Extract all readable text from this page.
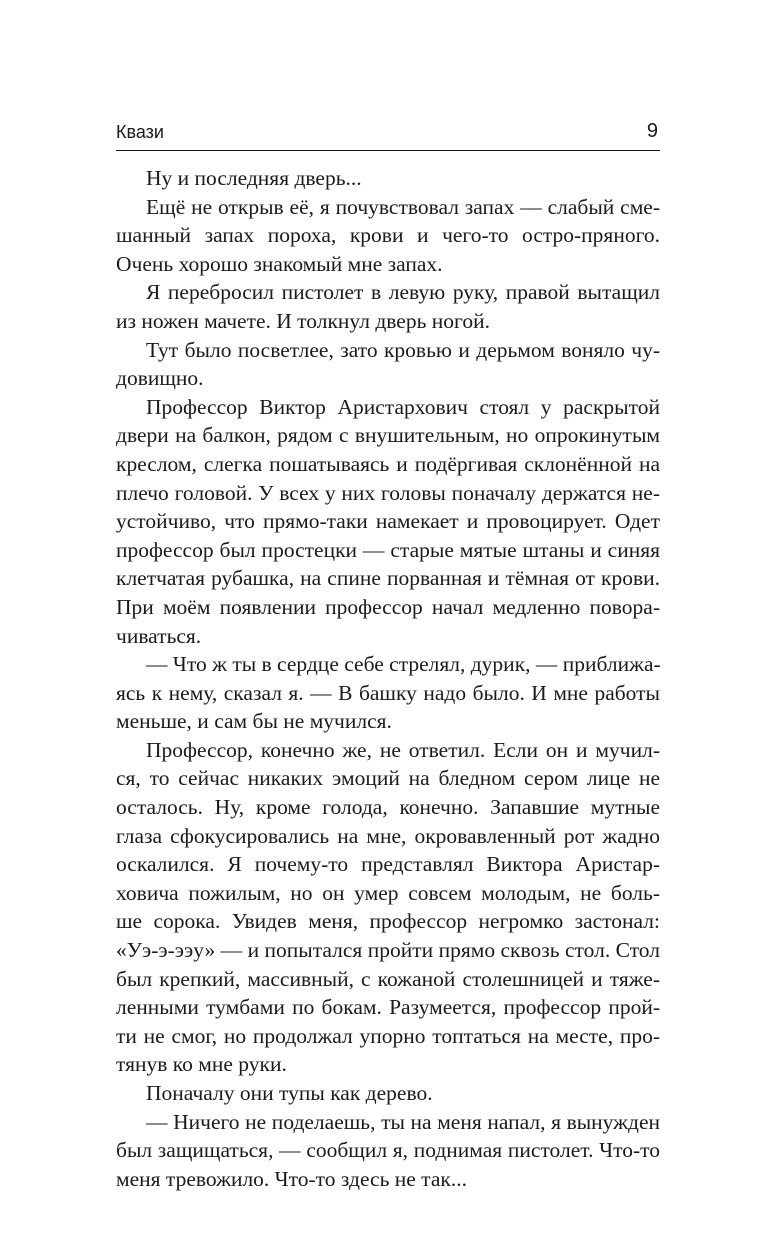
Квази	9
Ну и последняя дверь...
Ещё не открыв её, я почувствовал запах — слабый сме-
шанный запах пороха, крови и чего-то остро-пряного.
Очень хорошо знакомый мне запах.
Я перебросил пистолет в левую руку, правой вытащил
из ножен мачете. И толкнул дверь ногой.
Тут было посветлее, зато кровью и дерьмом воняло чу-
довищно.
Профессор Виктор Аристархович стоял у раскрытой
двери на балкон, рядом с внушительным, но опрокинутым
креслом, слегка пошатываясь и подёргивая склонённой на
плечо головой. У всех у них головы поначалу держатся не-
устойчиво, что прямо-таки намекает и провоцирует. Одет
профессор был простецки — старые мятые штаны и синяя
клетчатая рубашка, на спине порванная и тёмная от крови.
При моём появлении профессор начал медленно повора-
чиваться.
— Что ж ты в сердце себе стрелял, дурик, — приближа-
ясь к нему, сказал я. — В башку надо было. И мне работы
меньше, и сам бы не мучился.
Профессор, конечно же, не ответил. Если он и мучил-
ся, то сейчас никаких эмоций на бледном сером лице не
осталось. Ну, кроме голода, конечно. Запавшие мутные
глаза сфокусировались на мне, окровавленный рот жадно
оскалился. Я почему-то представлял Виктора Аристар-
ховича пожилым, но он умер совсем молодым, не боль-
ше сорока. Увидев меня, профессор негромко застонал:
«Уэ-э-ээу» — и попытался пройти прямо сквозь стол. Стол
был крепкий, массивный, с кожаной столешницей и тяже-
ленными тумбами по бокам. Разумеется, профессор прой-
ти не смог, но продолжал упорно топтаться на месте, про-
тянув ко мне руки.
Поначалу они тупы как дерево.
— Ничего не поделаешь, ты на меня напал, я вынужден
был защищаться, — сообщил я, поднимая пистолет. Что-то
меня тревожило. Что-то здесь не так...
